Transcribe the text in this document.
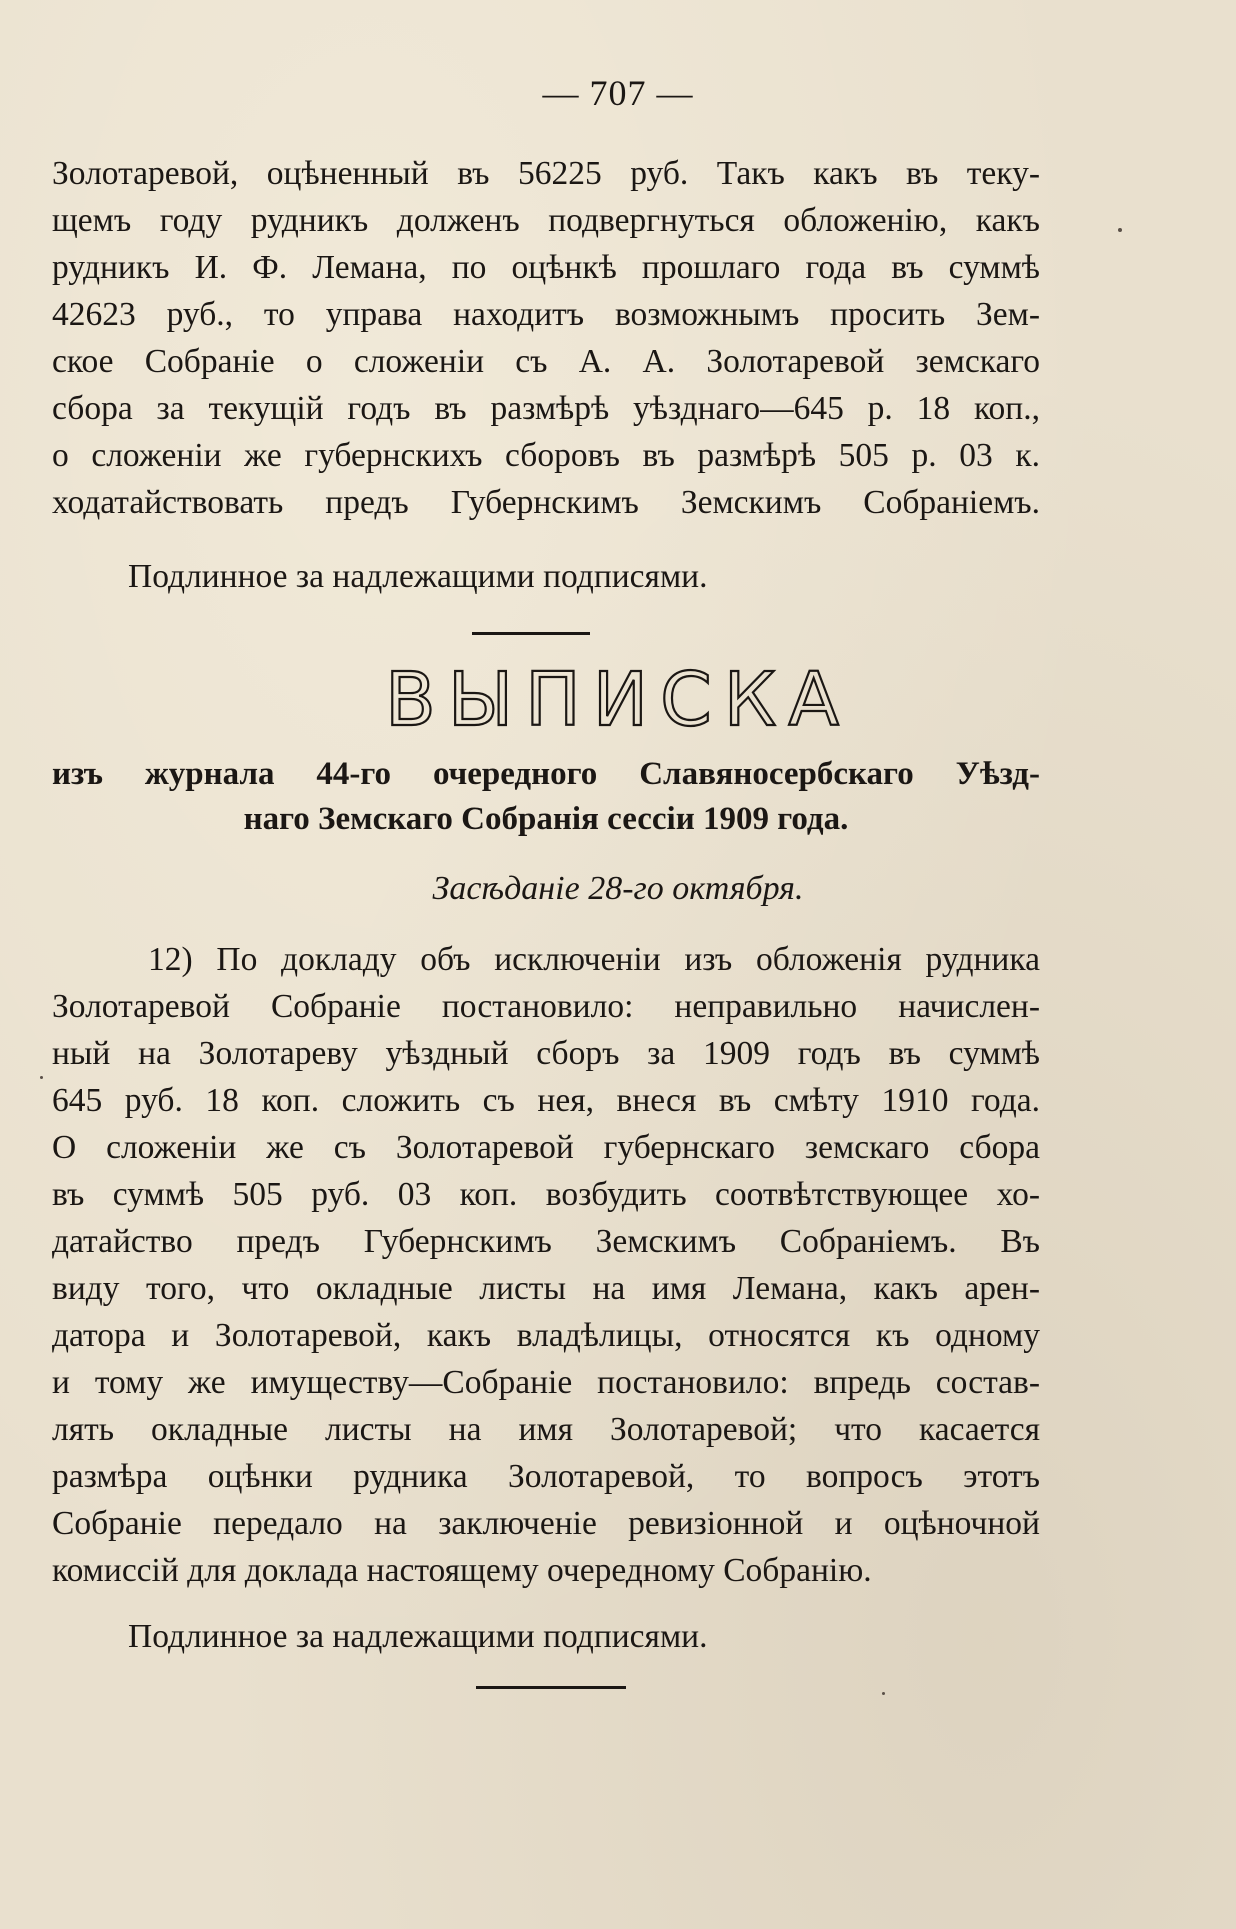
— 707 —
Золотаревой, оцѣненный въ 56225 руб. Такъ какъ въ теку-
щемъ году рудникъ долженъ подвергнуться обложенію, какъ
рудникъ И. Ф. Лемана, по оцѣнкѣ прошлаго года въ суммѣ
42623 руб., то управа находитъ возможнымъ просить Зем-
ское Собраніе о сложеніи съ А. А. Золотаревой земскаго
сбора за текущій годъ въ размѣрѣ уѣзднаго—645 р. 18 коп.,
о сложеніи же губернскихъ сборовъ въ размѣрѣ 505 р. 03 к.
ходатайствовать предъ Губернскимъ Земскимъ Собраніемъ.
Подлинное за надлежащими подписями.
ВЫПИСКА
изъ журнала 44-го очередного Славяносербскаго Уѣзд-
наго Земскаго Собранія сессіи 1909 года.
Засѣданіе 28-го октября.
12) По докладу объ исключеніи изъ обложенія рудника
Золотаревой Собраніе постановило: неправильно начислен-
ный на Золотареву уѣздный сборъ за 1909 годъ въ суммѣ
645 руб. 18 коп. сложить съ нея, внеся въ смѣту 1910 года.
О сложеніи же съ Золотаревой губернскаго земскаго сбора
въ суммѣ 505 руб. 03 коп. возбудить соотвѣтствующее хо-
датайство предъ Губернскимъ Земскимъ Собраніемъ. Въ
виду того, что окладные листы на имя Лемана, какъ арен-
датора и Золотаревой, какъ владѣлицы, относятся къ одному
и тому же имуществу—Собраніе постановило: впредь состав-
лять окладные листы на имя Золотаревой; что касается
размѣра оцѣнки рудника Золотаревой, то вопросъ этотъ
Собраніе передало на заключеніе ревизіонной и оцѣночной
комиссій для доклада настоящему очередному Собранію.
Подлинное за надлежащими подписями.
